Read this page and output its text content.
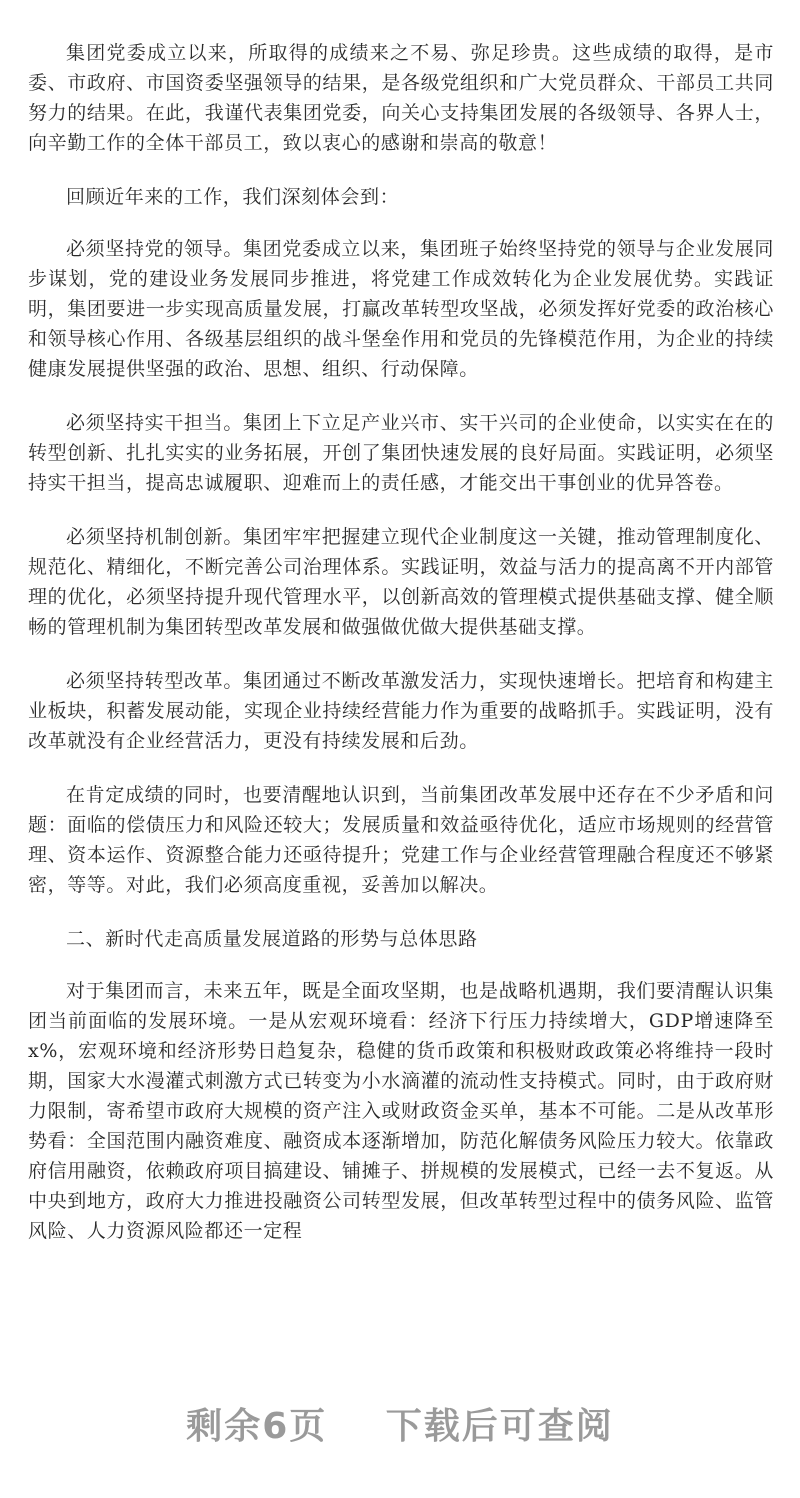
集团党委成立以来，所取得的成绩来之不易、弥足珍贵。这些成绩的取得，是市委、市政府、市国资委坚强领导的结果，是各级党组织和广大党员群众、干部员工共同努力的结果。在此，我谨代表集团党委，向关心支持集团发展的各级领导、各界人士，向辛勤工作的全体干部员工，致以衷心的感谢和崇高的敬意！

回顾近年来的工作，我们深刻体会到：

必须坚持党的领导。集团党委成立以来，集团班子始终坚持党的领导与企业发展同步谋划，党的建设业务发展同步推进，将党建工作成效转化为企业发展优势。实践证明，集团要进一步实现高质量发展，打赢改革转型攻坚战，必须发挥好党委的政治核心和领导核心作用、各级基层组织的战斗堡垒作用和党员的先锋模范作用，为企业的持续健康发展提供坚强的政治、思想、组织、行动保障。

必须坚持实干担当。集团上下立足产业兴市、实干兴司的企业使命，以实实在在的转型创新、扎扎实实的业务拓展，开创了集团快速发展的良好局面。实践证明，必须坚持实干担当，提高忠诚履职、迎难而上的责任感，才能交出干事创业的优异答卷。

必须坚持机制创新。集团牢牢把握建立现代企业制度这一关键，推动管理制度化、规范化、精细化，不断完善公司治理体系。实践证明，效益与活力的提高离不开内部管理的优化，必须坚持提升现代管理水平，以创新高效的管理模式提供基础支撑、健全顺畅的管理机制为集团转型改革发展和做强做优做大提供基础支撑。

必须坚持转型改革。集团通过不断改革激发活力，实现快速增长。把培育和构建主业板块，积蓄发展动能，实现企业持续经营能力作为重要的战略抓手。实践证明，没有改革就没有企业经营活力，更没有持续发展和后劲。

在肯定成绩的同时，也要清醒地认识到，当前集团改革发展中还存在不少矛盾和问题：面临的偿债压力和风险还较大；发展质量和效益亟待优化，适应市场规则的经营管理、资本运作、资源整合能力还亟待提升；党建工作与企业经营管理融合程度还不够紧密，等等。对此，我们必须高度重视，妥善加以解决。

二、新时代走高质量发展道路的形势与总体思路

对于集团而言，未来五年，既是全面攻坚期，也是战略机遇期，我们要清醒认识集团当前面临的发展环境。一是从宏观环境看：经济下行压力持续增大，GDP增速降至 x%，宏观环境和经济形势日趋复杂，稳健的货币政策和积极财政政策必将维持一段时期，国家大水漫灌式刺激方式已转变为小水滴灌的流动性支持模式。同时，由于政府财力限制，寄希望市政府大规模的资产注入或财政资金买单，基本不可能。二是从改革形势看：全国范围内融资难度、融资成本逐渐增加，防范化解债务风险压力较大。依靠政府信用融资，依赖政府项目搞建设、铺摊子、拼规模的发展模式，已经一去不复返。从中央到地方，政府大力推进投融资公司转型发展，但改革转型过程中的债务风险、监管风险、人力资源风险都还一定程

剩余6页 下载后可查阅
